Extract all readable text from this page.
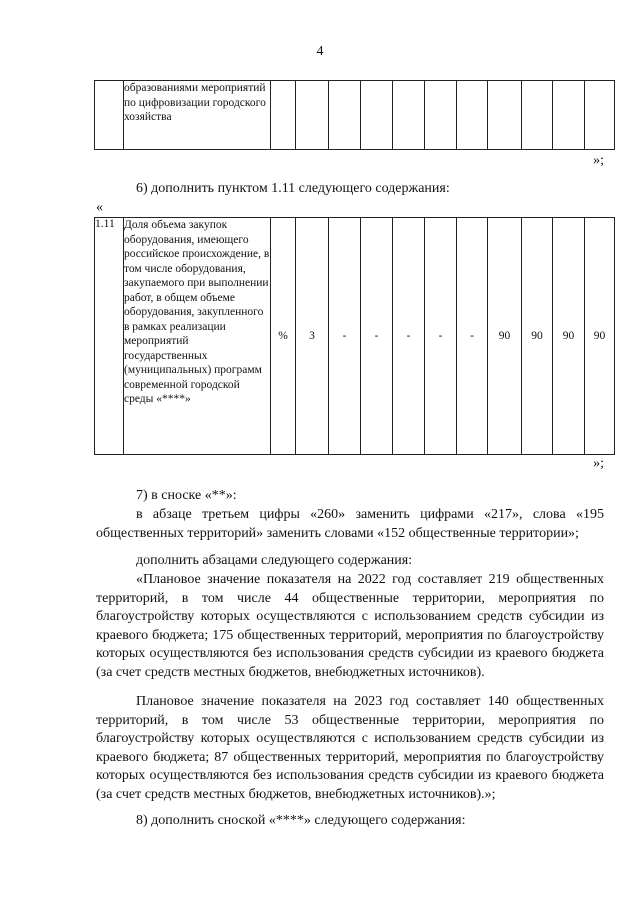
4
	образованиями мероприятий по цифровизации городского хозяйства											
»;
6) дополнить пунктом 1.11 следующего содержания:
«
1.11	Доля объема закупок оборудования, имеющего российское происхождение, в том числе оборудования, закупаемого при выполнении работ, в общем объеме оборудования, закупленного в рамках реализации мероприятий государственных (муниципальных) программ современной городской среды «****»	%	3	-	-	-	-	-	90	90	90	90
»;
7) в сноске «**»:
в абзаце третьем цифры «260» заменить цифрами «217», слова «195 общественных территорий» заменить словами «152 общественные территории»;
дополнить абзацами следующего содержания:
«Плановое значение показателя на 2022 год составляет 219 общественных территорий, в том числе 44 общественные территории, мероприятия по благоустройству которых осуществляются с использованием средств субсидии из краевого бюджета; 175 общественных территорий, мероприятия по благоустройству которых осуществляются без использования средств субсидии из краевого бюджета (за счет средств местных бюджетов, внебюджетных источников).
Плановое значение показателя на 2023 год составляет 140 общественных территорий, в том числе 53 общественные территории, мероприятия по благоустройству которых осуществляются с использованием средств субсидии из краевого бюджета; 87 общественных территорий, мероприятия по благоустройству которых осуществляются без использования средств субсидии из краевого бюджета (за счет средств местных бюджетов, внебюджетных источников).»;
8) дополнить сноской «****» следующего содержания:
